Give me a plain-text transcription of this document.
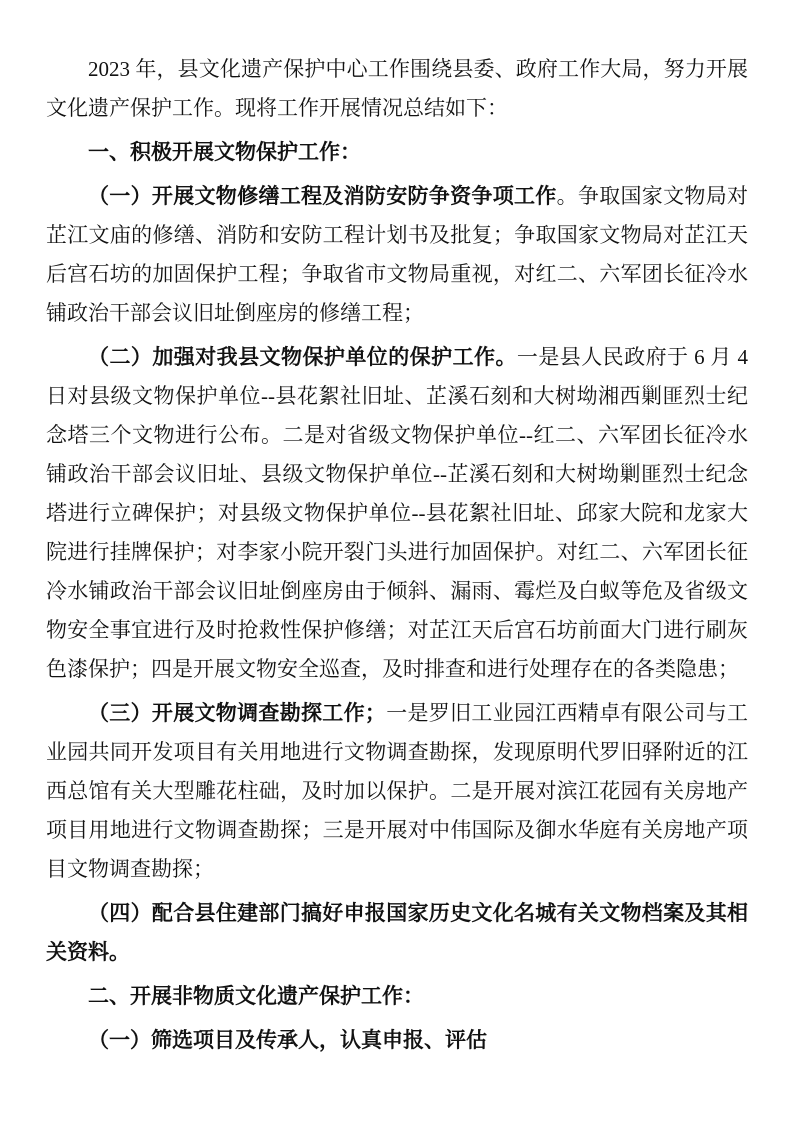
2023 年，县文化遗产保护中心工作围绕县委、政府工作大局，努力开展文化遗产保护工作。现将工作开展情况总结如下：

一、积极开展文物保护工作：

（一）开展文物修缮工程及消防安防争资争项工作。争取国家文物局对芷江文庙的修缮、消防和安防工程计划书及批复；争取国家文物局对芷江天后宫石坊的加固保护工程；争取省市文物局重视，对红二、六军团长征冷水铺政治干部会议旧址倒座房的修缮工程；

（二）加强对我县文物保护单位的保护工作。一是县人民政府于 6 月 4 日对县级文物保护单位--县花絮社旧址、芷溪石刻和大树坳湘西剿匪烈士纪念塔三个文物进行公布。二是对省级文物保护单位--红二、六军团长征冷水铺政治干部会议旧址、县级文物保护单位--芷溪石刻和大树坳剿匪烈士纪念塔进行立碑保护；对县级文物保护单位--县花絮社旧址、邱家大院和龙家大院进行挂牌保护；对李家小院开裂门头进行加固保护。对红二、六军团长征冷水铺政治干部会议旧址倒座房由于倾斜、漏雨、霉烂及白蚁等危及省级文物安全事宜进行及时抢救性保护修缮；对芷江天后宫石坊前面大门进行刷灰色漆保护；四是开展文物安全巡查，及时排查和进行处理存在的各类隐患；

（三）开展文物调查勘探工作；一是罗旧工业园江西精卓有限公司与工业园共同开发项目有关用地进行文物调查勘探，发现原明代罗旧驿附近的江西总馆有关大型雕花柱础，及时加以保护。二是开展对滨江花园有关房地产项目用地进行文物调查勘探；三是开展对中伟国际及御水华庭有关房地产项目文物调查勘探；

（四）配合县住建部门搞好申报国家历史文化名城有关文物档案及其相关资料。

二、开展非物质文化遗产保护工作：

（一）筛选项目及传承人，认真申报、评估
